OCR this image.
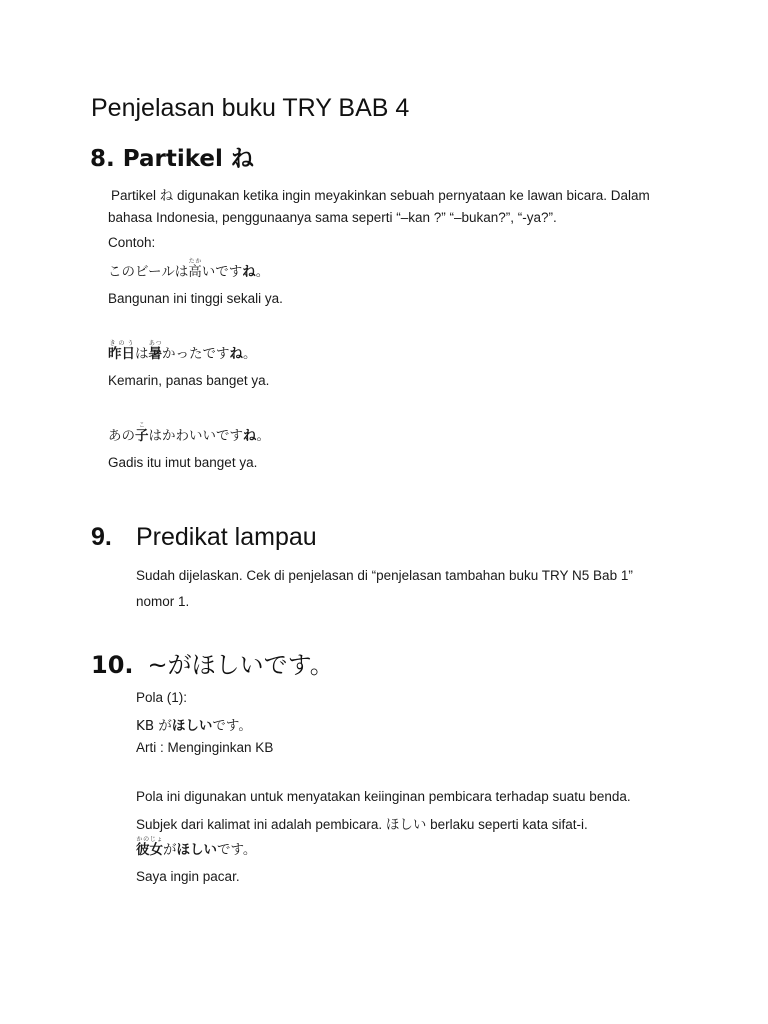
Penjelasan buku TRY BAB 4
8. Partikel ね
Partikel ね digunakan ketika ingin meyakinkan sebuah pernyataan ke lawan bicara. Dalam
bahasa Indonesia, penggunaanya sama seperti “–kan ?” “–bukan?”, “-ya?”.
Contoh:
このビールは高たかいですね。
Bangunan ini tinggi sekali ya.
昨日きのうは暑あつかったですね。
Kemarin, panas banget ya.
あの子こはかわいいですね。
Gadis itu imut banget ya.
9. Predikat lampau
Sudah dijelaskan. Cek di penjelasan di “penjelasan tambahan buku TRY N5 Bab 1”
nomor 1.
10. ~がほしいです。
Pola (1):
KB がほしいです。
Arti : Menginginkan KB
Pola ini digunakan untuk menyatakan keiinginan pembicara terhadap suatu benda.
Subjek dari kalimat ini adalah pembicara. ほしい berlaku seperti kata sifat-i.
彼女かのじょがほしいです。
Saya ingin pacar.
